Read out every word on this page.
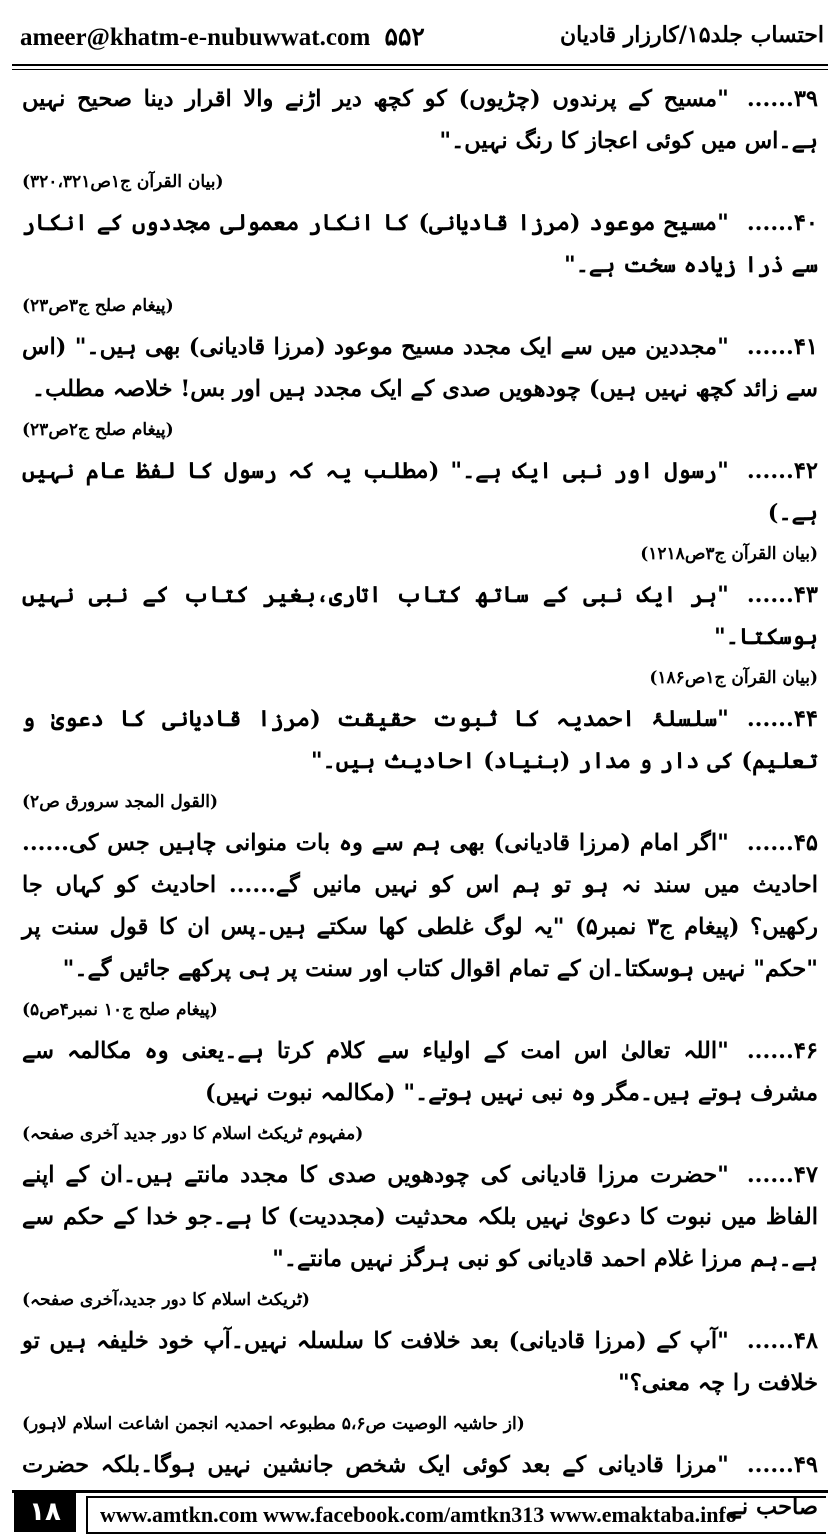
ameer@khatm-e-nubuwwat.com ۵۵۲	احتساب جلد۱۵/کارزار قادیان
۳۹......"مسیح کے پرندوں (چڑیوں) کو کچھ دیر اڑنے والا اقرار دینا صحیح نہیں ہے۔اس میں کوئی اعجاز کا رنگ نہیں۔"
(بیان القرآن ج۱ص۳۲۰،۳۲۱)
۴۰......"مسیح موعود (مرزا قادیانی) کا انکار معمولی مجددوں کے انکار سے ذرا زیادہ سخت ہے۔"
(پیغام صلح ج۳ص۲۳)
۴۱......"مجددین میں سے ایک مجدد مسیح موعود (مرزا قادیانی) بھی ہیں۔" (اس سے زائد کچھ نہیں ہیں) چودھویں صدی کے ایک مجدد ہیں اور بس! خلاصہ مطلب۔
(پیغام صلح ج۲ص۲۳)
۴۲......"رسول اور نبی ایک ہے۔" (مطلب یہ کہ رسول کا لفظ عام نہیں ہے۔)
(بیان القرآن ج۳ص۱۲۱۸)
۴۳......"ہر ایک نبی کے ساتھ کتاب اتاری،بغیر کتاب کے نبی نہیں ہوسکتا۔"
(بیان القرآن ج۱ص۱۸۶)
۴۴......"سلسلۂ احمدیہ کا ثبوت حقیقت (مرزا قادیانی کا دعویٰ و تعلیم) کی دار و مدار (بنیاد) احادیث ہیں۔"
(القول المجد سرورق ص۲)
۴۵......"اگر امام (مرزا قادیانی) بھی ہم سے وہ بات منوانی چاہیں جس کی...... احادیث میں سند نہ ہو تو ہم اس کو نہیں مانیں گے...... احادیث کو کہاں جا رکھیں؟ (پیغام ج۳ نمبر۵) "یہ لوگ غلطی کھا سکتے ہیں۔پس ان کا قول سنت پر "حکم" نہیں ہوسکتا۔ان کے تمام اقوال کتاب اور سنت پر ہی پرکھے جائیں گے۔"
(پیغام صلح ج۱۰ نمبر۴ص۵)
۴۶......"اللہ تعالیٰ اس امت کے اولیاء سے کلام کرتا ہے۔یعنی وہ مکالمہ سے مشرف ہوتے ہیں۔مگر وہ نبی نہیں ہوتے۔" (مکالمہ نبوت نہیں)
(مفہوم ٹریکٹ اسلام کا دور جدید آخری صفحہ)
۴۷......"حضرت مرزا قادیانی کی چودھویں صدی کا مجدد مانتے ہیں۔ان کے اپنے الفاظ میں نبوت کا دعویٰ نہیں بلکہ محدثیت (مجددیت) کا ہے۔جو خدا کے حکم سے ہے۔ہم مرزا غلام احمد قادیانی کو نبی ہرگز نہیں مانتے۔"
(ٹریکٹ اسلام کا دور جدید،آخری صفحہ)
۴۸......"آپ کے (مرزا قادیانی) بعد خلافت کا سلسلہ نہیں۔آپ خود خلیفہ ہیں تو خلافت را چہ معنی؟"
(از حاشیہ الوصیت ص۵،۶ مطبوعہ احمدیہ انجمن اشاعت اسلام لاہور)
۴۹......"مرزا قادیانی کے بعد کوئی ایک شخص جانشین نہیں ہوگا۔بلکہ حضرت صاحب نے
۱۸	www.amtkn.com www.facebook.com/amtkn313 www.emaktaba.info
